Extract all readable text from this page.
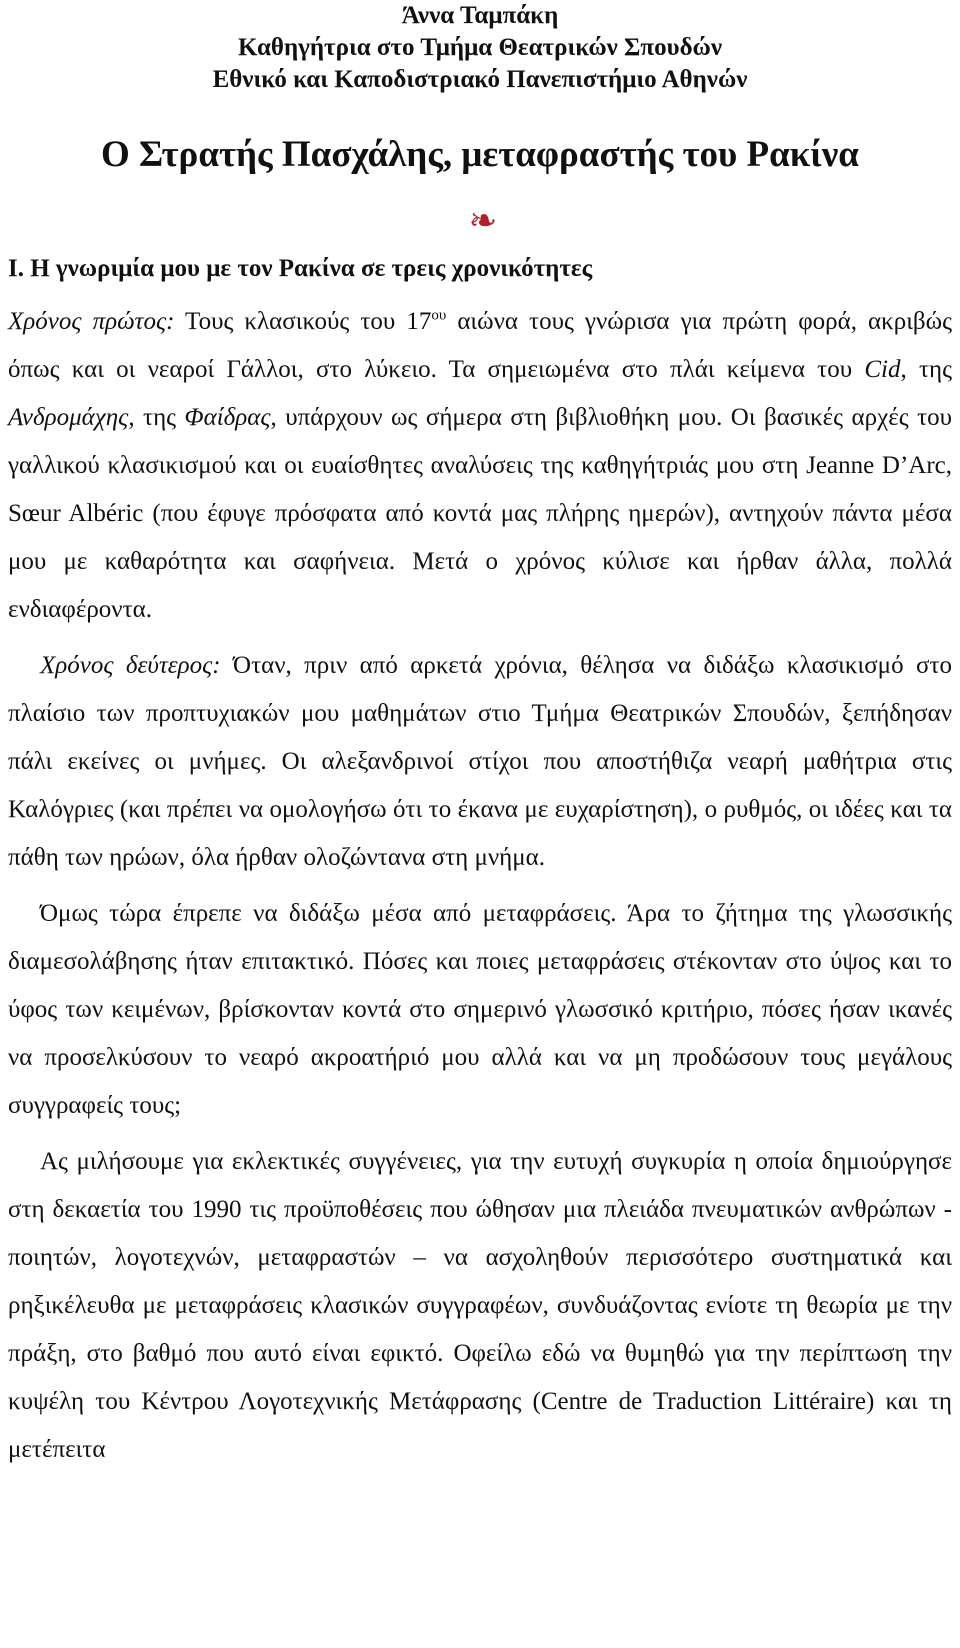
Άννα Ταμπάκη
Καθηγήτρια στο Τμήμα Θεατρικών Σπουδών
Εθνικό και Καποδιστριακό Πανεπιστήμιο Αθηνών
Ο Στρατής Πασχάλης, μεταφραστής του Ρακίνα
❧
Ι. Η γνωριμία μου με τον Ρακίνα σε τρεις χρονικότητες

Χρόνος πρώτος: Τους κλασικούς του $17^{o\upsilon}$ αιώνα τους γνώρισα για πρώτη φορά, ακριβώς όπως και οι νεαροί Γάλλοι, στο λύκειο. Τα σημειωμένα στο πλάι κείμενα του Cid, της Ανδρομάχης, της Φαίδρας, υπάρχουν ως σήμερα στη βιβλιοθήκη μου. Οι βασικές αρχές του γαλλικού κλασικισμού και οι ευαίσθητες αναλύσεις της καθηγήτριάς μου στη Jeanne D’Arc, Sœur Albéric (που έφυγε πρόσφατα από κοντά μας πλήρης ημερών), αντηχούν πάντα μέσα μου με καθαρότητα και σαφήνεια. Μετά ο χρόνος κύλισε και ήρθαν άλλα, πολλά ενδιαφέροντα.

Χρόνος δεύτερος: Όταν, πριν από αρκετά χρόνια, θέλησα να διδάξω κλασικισμό στο πλαίσιο των προπτυχιακών μου μαθημάτων στιο Τμήμα Θεατρικών Σπουδών, ξεπήδησαν πάλι εκείνες οι μνήμες. Οι αλεξανδρινοί στίχοι που αποστήθιζα νεαρή μαθήτρια στις Καλόγριες (και πρέπει να ομολογήσω ότι το έκανα με ευχαρίστηση), ο ρυθμός, οι ιδέες και τα πάθη των ηρώων, όλα ήρθαν ολοζώντανα στη μνήμα.

Όμως τώρα έπρεπε να διδάξω μέσα από μεταφράσεις. Άρα το ζήτημα της γλωσσικής διαμεσολάβησης ήταν επιτακτικό. Πόσες και ποιες μεταφράσεις στέκονταν στο ύψος και το ύφος των κειμένων, βρίσκονταν κοντά στο σημερινό γλωσσικό κριτήριο, πόσες ήσαν ικανές να προσελκύσουν το νεαρό ακροατήριό μου αλλά και να μη προδώσουν τους μεγάλους συγγραφείς τους;

Ας μιλήσουμε για εκλεκτικές συγγένειες, για την ευτυχή συγκυρία η οποία δημιούργησε στη δεκαετία του 1990 τις προϋποθέσεις που ώθησαν μια πλειάδα πνευματικών ανθρώπων - ποιητών, λογοτεχνών, μεταφραστών – να ασχοληθούν περισσότερο συστηματικά και ρηξικέλευθα με μεταφράσεις κλασικών συγγραφέων, συνδυάζοντας ενίοτε τη θεωρία με την πράξη, στο βαθμό που αυτό είναι εφικτό. Οφείλω εδώ να θυμηθώ για την περίπτωση την κυψέλη του Κέντρου Λογοτεχνικής Μετάφρασης (Centre de Traduction Littéraire) και τη μετέπειτα
